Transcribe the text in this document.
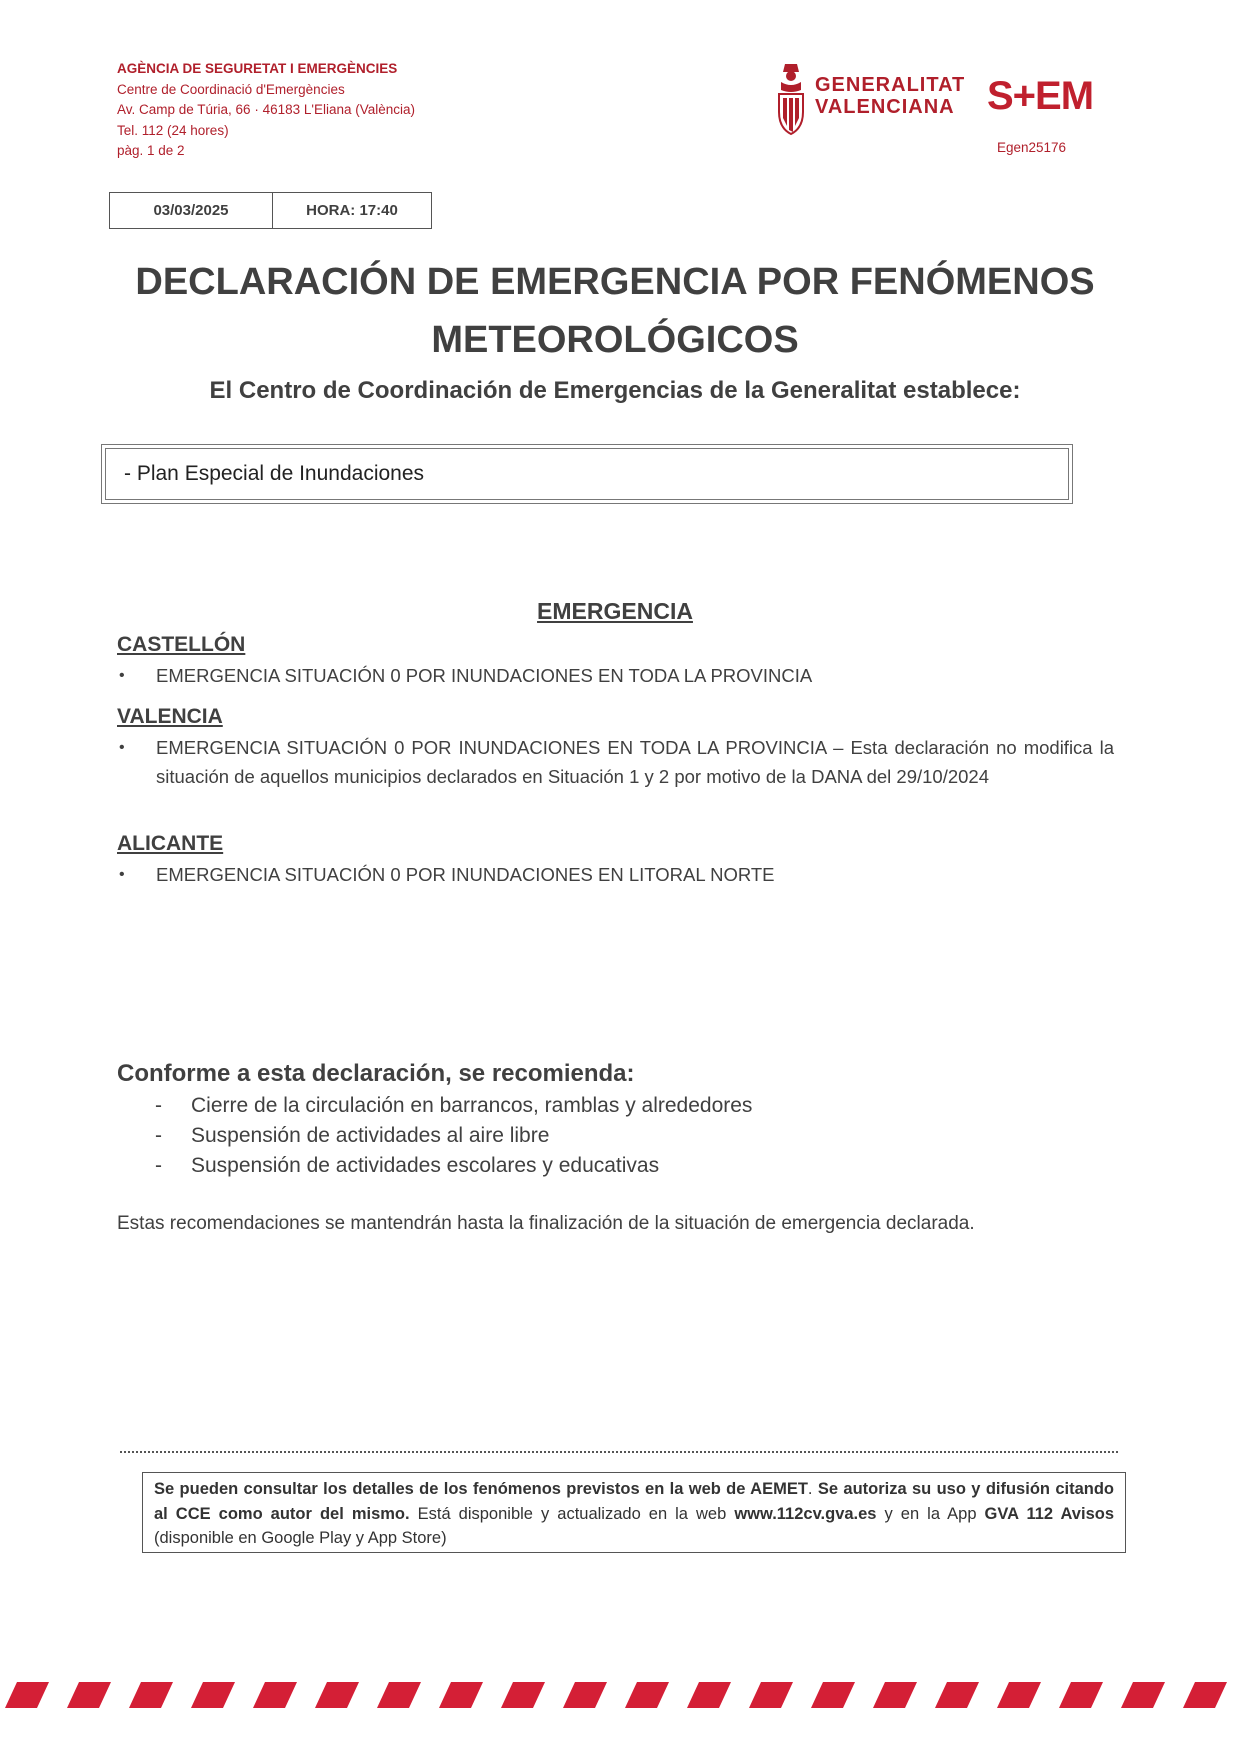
AGÈNCIA DE SEGURETAT I EMERGÈNCIES
Centre de Coordinació d'Emergències
Av. Camp de Túria, 66 · 46183 L'Eliana (València)
Tel. 112 (24 hores)
pàg. 1 de 2
GENERALITAT
VALENCIANA S+EM
Egen25176
03/03/2025	HORA: 17:40
DECLARACIÓN DE EMERGENCIA POR FENÓMENOS
METEOROLÓGICOS
El Centro de Coordinación de Emergencias de la Generalitat establece:
- Plan Especial de Inundaciones
EMERGENCIA
CASTELLÓN
•	EMERGENCIA SITUACIÓN 0 POR INUNDACIONES EN TODA LA PROVINCIA
VALENCIA
•	EMERGENCIA SITUACIÓN 0 POR INUNDACIONES EN TODA LA PROVINCIA – Esta declaración no modifica la situación de aquellos municipios declarados en Situación 1 y 2 por motivo de la DANA del 29/10/2024
ALICANTE
•	EMERGENCIA SITUACIÓN 0 POR INUNDACIONES EN LITORAL NORTE
Conforme a esta declaración, se recomienda:
-	Cierre de la circulación en barrancos, ramblas y alrededores
-	Suspensión de actividades al aire libre
-	Suspensión de actividades escolares y educativas
Estas recomendaciones se mantendrán hasta la finalización de la situación de emergencia declarada.
Se pueden consultar los detalles de los fenómenos previstos en la web de AEMET. Se autoriza su uso y difusión citando al CCE como autor del mismo. Está disponible y actualizado en la web www.112cv.gva.es y en la App GVA 112 Avisos (disponible en Google Play y App Store)
